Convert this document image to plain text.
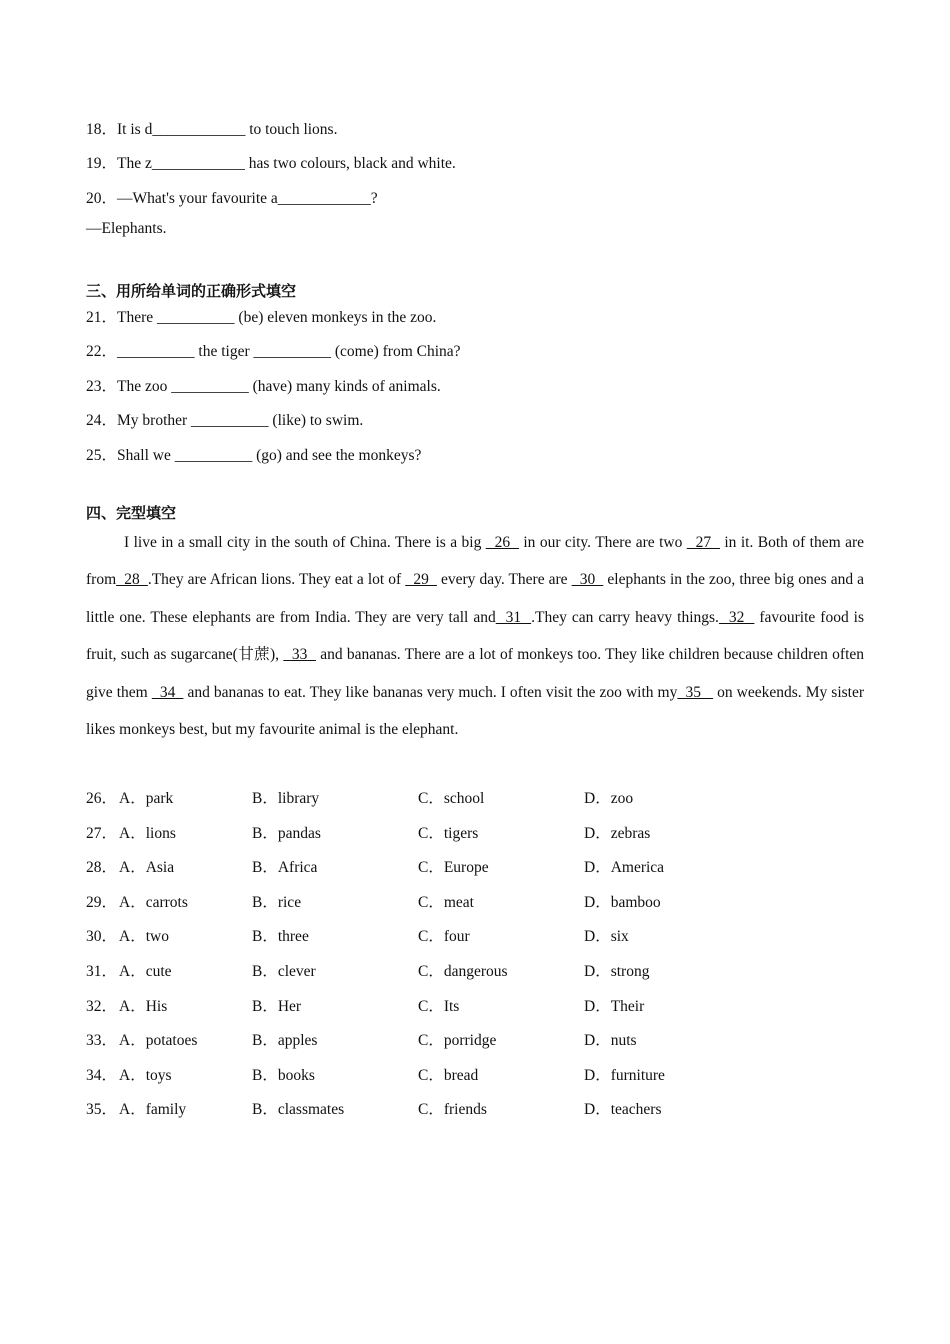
18．It is d____________ to touch lions.
19．The z____________ has two colours, black and white.
20．—What's your favourite a____________?
—Elephants.
三、用所给单词的正确形式填空
21．There __________ (be) eleven monkeys in the zoo.
22．__________ the tiger __________ (come) from China?
23．The zoo __________ (have) many kinds of animals.
24．My brother __________ (like) to swim.
25．Shall we __________ (go) and see the monkeys?
四、完型填空
I live in a small city in the south of China. There is a big   26   in our city. There are two   27   in it. Both of them are from  28  .They are African lions. They eat a lot of   29   every day. There are   30   elephants in the zoo, three big ones and a little one. These elephants are from India. They are very tall and  31  .They can carry heavy things.  32   favourite food is fruit, such as sugarcane(甘蔗),   33   and bananas. There are a lot of monkeys too. They like children because children often give them   34   and bananas to eat. They like bananas very much. I often visit the zoo with my  35    on weekends. My sister likes monkeys best, but my favourite animal is the elephant.
26． A．park	B．library	C．school	D．zoo
27． A．lions	B．pandas	C．tigers	D．zebras
28． A．Asia	B．Africa	C．Europe	D．America
29． A．carrots	B．rice	C．meat	D．bamboo
30． A．two	B．three	C．four	D．six
31． A．cute	B．clever	C．dangerous	D．strong
32． A．His	B．Her	C．Its	D．Their
33． A．potatoes	B．apples	C．porridge	D．nuts
34． A．toys	B．books	C．bread	D．furniture
35． A．family	B．classmates	C．friends	D．teachers
